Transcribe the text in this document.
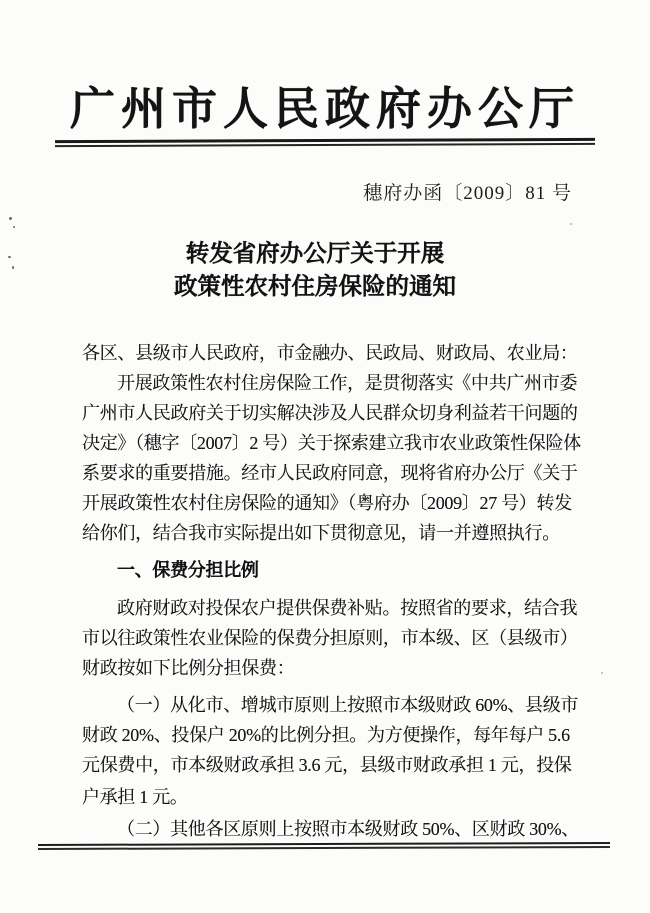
广州市人民政府办公厅
穗府办函〔2009〕81 号
转发省府办公厅关于开展
政策性农村住房保险的通知
各区、县级市人民政府，市金融办、民政局、财政局、农业局：
开展政策性农村住房保险工作，是贯彻落实《中共广州市委
广州市人民政府关于切实解决涉及人民群众切身利益若干问题的
决定》（穗字〔2007〕2 号）关于探索建立我市农业政策性保险体
系要求的重要措施。经市人民政府同意，现将省府办公厅《关于
开展政策性农村住房保险的通知》（粤府办〔2009〕27 号）转发
给你们，结合我市实际提出如下贯彻意见，请一并遵照执行。
一、保费分担比例
政府财政对投保农户提供保费补贴。按照省的要求，结合我
市以往政策性农业保险的保费分担原则，市本级、区（县级市）
财政按如下比例分担保费：
（一）从化市、增城市原则上按照市本级财政 60%、县级市
财政 20%、投保户 20%的比例分担。为方便操作，每年每户 5.6
元保费中，市本级财政承担 3.6 元，县级市财政承担 1 元，投保
户承担 1 元。
（二）其他各区原则上按照市本级财政 50%、区财政 30%、
